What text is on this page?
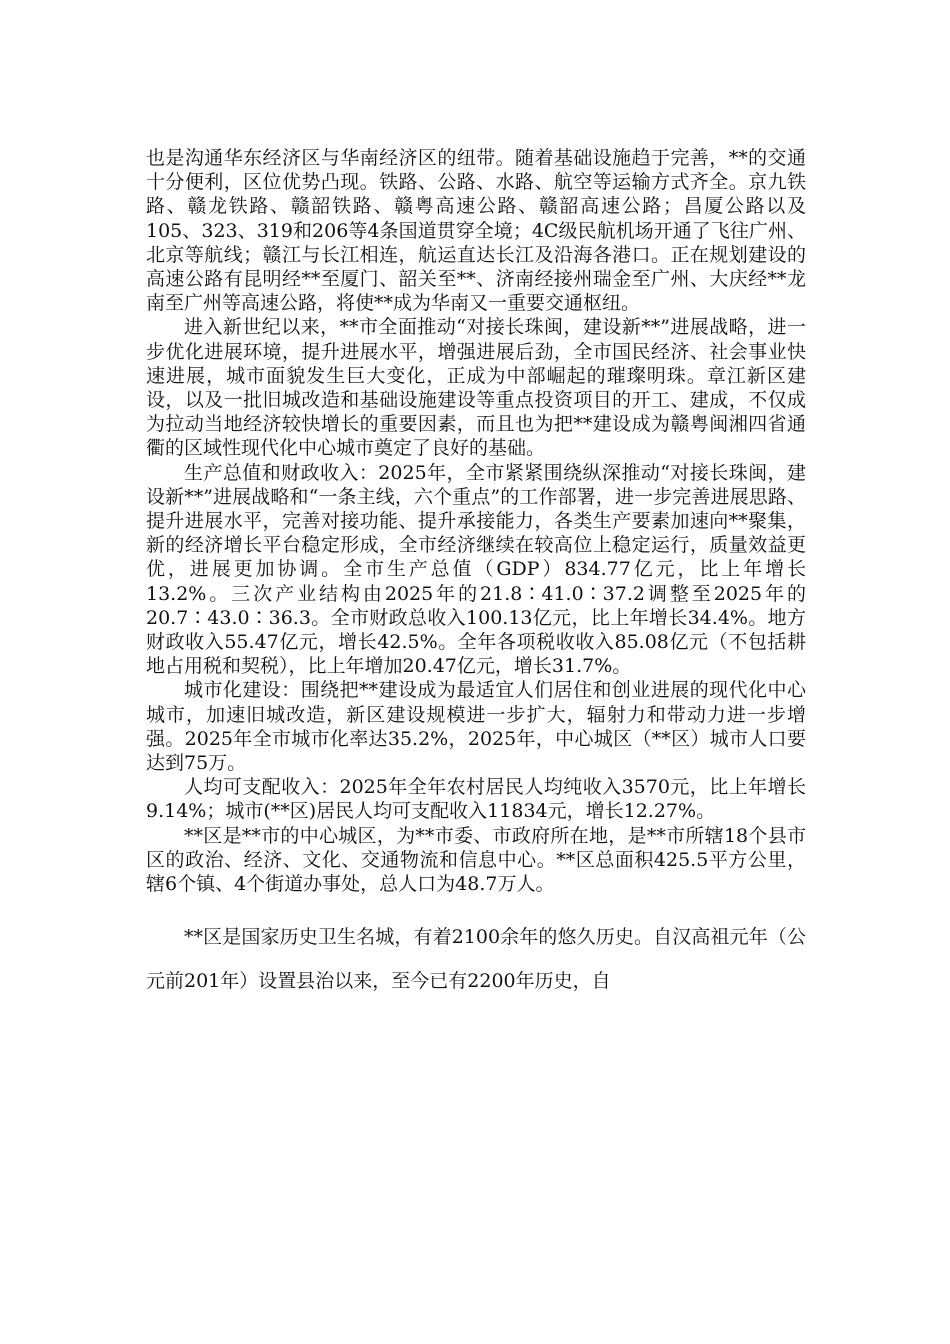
也是沟通华东经济区与华南经济区的纽带。随着基础设施趋于完善，**的交通十分便利，区位优势凸现。铁路、公路、水路、航空等运输方式齐全。京九铁路、赣龙铁路、赣韶铁路、赣粤高速公路、赣韶高速公路；昌厦公路以及105、323、319和206等4条国道贯穿全境；4C级民航机场开通了飞往广州、北京等航线；赣江与长江相连，航运直达长江及沿海各港口。正在规划建设的高速公路有昆明经**至厦门、韶关至**、济南经接州瑞金至广州、大庆经**龙南至广州等高速公路，将使**成为华南又一重要交通枢纽。

进入新世纪以来，**市全面推动“对接长珠闽，建设新**”进展战略，进一步优化进展环境，提升进展水平，增强进展后劲，全市国民经济、社会事业快速进展，城市面貌发生巨大变化，正成为中部崛起的璀璨明珠。章江新区建设，以及一批旧城改造和基础设施建设等重点投资项目的开工、建成，不仅成为拉动当地经济较快增长的重要因素，而且也为把**建设成为赣粤闽湘四省通衢的区域性现代化中心城市奠定了良好的基础。

生产总值和财政收入：2025年，全市紧紧围绕纵深推动“对接长珠闽，建设新**”进展战略和“一条主线，六个重点”的工作部署，进一步完善进展思路、提升进展水平，完善对接功能、提升承接能力，各类生产要素加速向**聚集，新的经济增长平台稳定形成，全市经济继续在较高位上稳定运行，质量效益更优，进展更加协调。全市生产总值（GDP）834.77亿元，比上年增长13.2%。三次产业结构由2025年的21.8∶41.0∶37.2调整至2025年的20.7∶43.0∶36.3。全市财政总收入100.13亿元，比上年增长34.4%。地方财政收入55.47亿元，增长42.5%。全年各项税收收入85.08亿元（不包括耕地占用税和契税），比上年增加20.47亿元，增长31.7%。

城市化建设：围绕把**建设成为最适宜人们居住和创业进展的现代化中心城市，加速旧城改造，新区建设规模进一步扩大，辐射力和带动力进一步增强。2025年全市城市化率达35.2%，2025年，中心城区（**区）城市人口要达到75万。

人均可支配收入：2025年全年农村居民人均纯收入3570元，比上年增长9.14%；城市(**区)居民人均可支配收入11834元，增长12.27%。

**区是**市的中心城区，为**市委、市政府所在地，是**市所辖18个县市区的政治、经济、文化、交通物流和信息中心。**区总面积425.5平方公里，辖6个镇、4个街道办事处，总人口为48.7万人。

**区是国家历史卫生名城，有着2100余年的悠久历史。自汉高祖元年（公元前201年）设置县治以来，至今已有2200年历史，自
